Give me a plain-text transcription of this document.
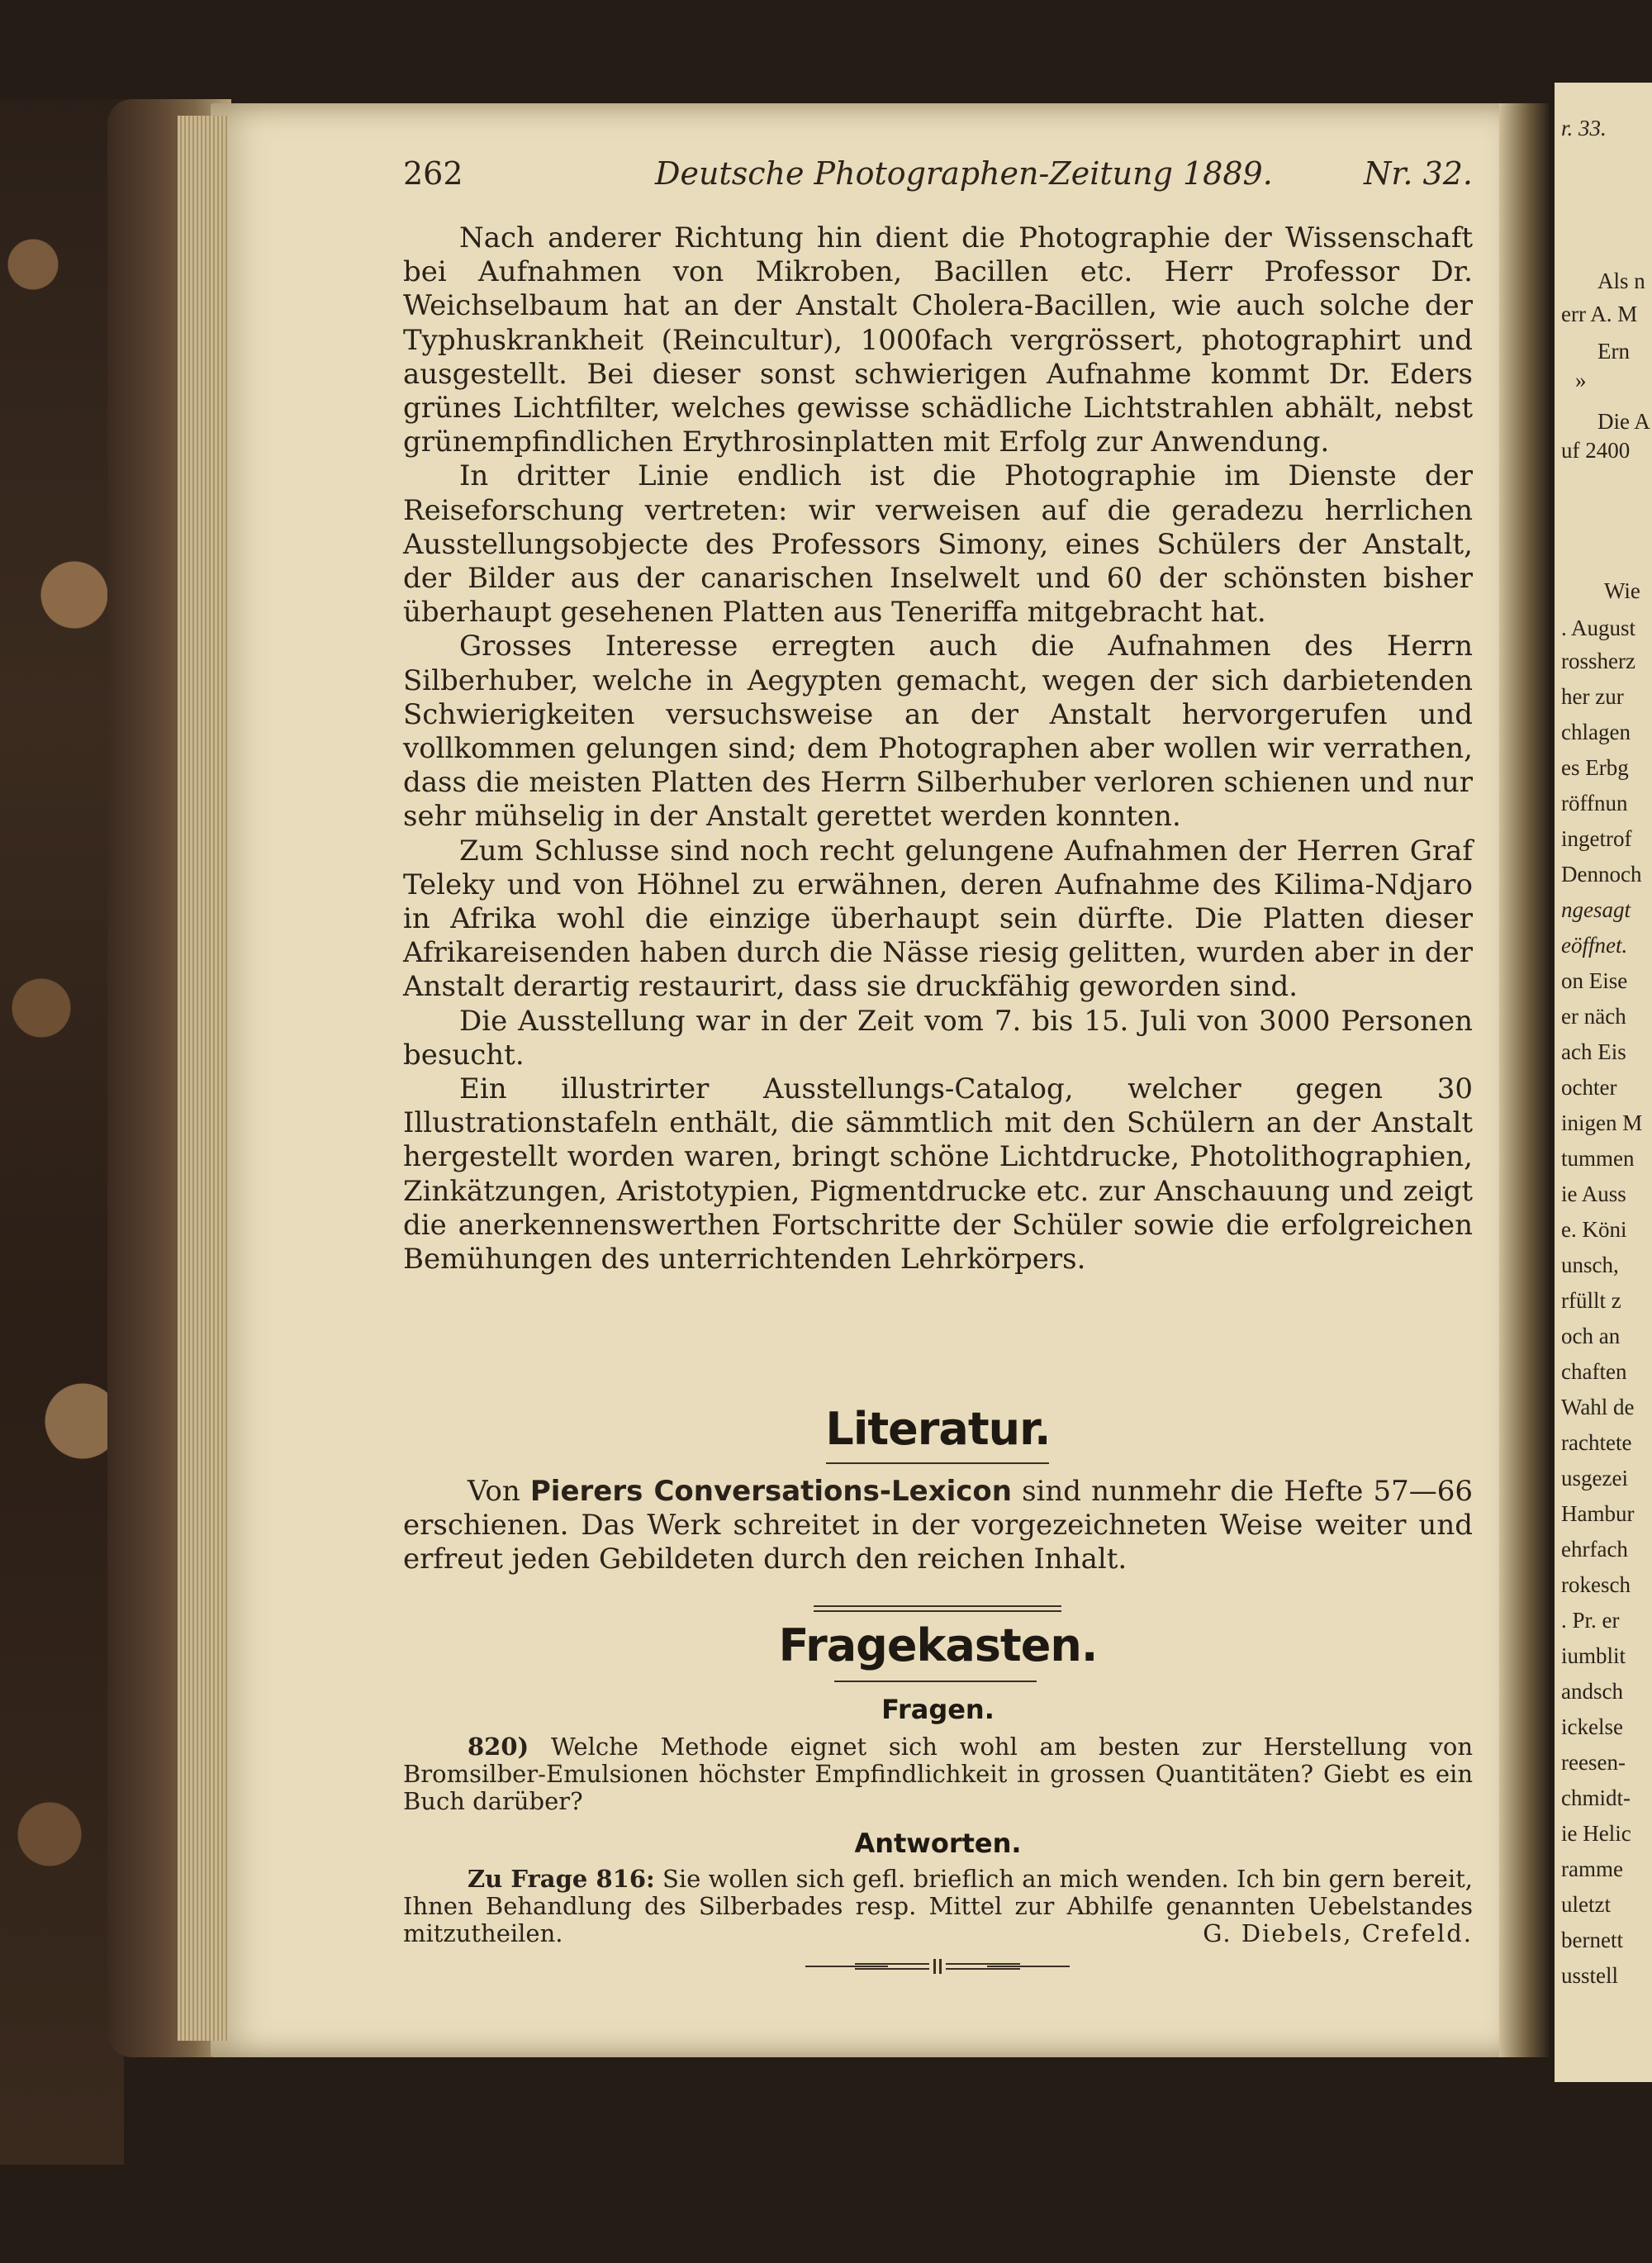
r. 33.
Als n
err A. M
Ern
»
Die A
uf 2400
Wie
. August
rossherz
her zur
chlagen
es Erbg
röffnun
ingetrof
Dennoch
ngesagt
eöffnet.
on Eise
er näch
ach Eis
ochter
inigen M
tummen
ie Auss
e. Köni
unsch,
rfüllt z
och an
chaften
Wahl de
rachtete
usgezei
Hambur
ehrfach
rokesch
. Pr. er
iumblit
andsch
ickelse
reesen-
chmidt-
ie Helic
ramme
uletzt
bernett
usstell
262	Deutsche Photographen-Zeitung 1889.	Nr. 32.

Nach anderer Richtung hin dient die Photographie der Wissenschaft bei Aufnahmen von Mikroben, Bacillen etc. Herr Professor Dr. Weichselbaum hat an der Anstalt Cholera-Bacillen, wie auch solche der Typhuskrankheit (Reincultur), 1000fach vergrössert, photographirt und ausgestellt. Bei dieser sonst schwierigen Aufnahme kommt Dr. Eders grünes Lichtfilter, welches gewisse schädliche Lichtstrahlen abhält, nebst grünempfindlichen Erythrosinplatten mit Erfolg zur Anwendung.

In dritter Linie endlich ist die Photographie im Dienste der Reiseforschung vertreten: wir verweisen auf die geradezu herrlichen Ausstellungsobjecte des Professors Simony, eines Schülers der Anstalt, der Bilder aus der canarischen Inselwelt und 60 der schönsten bisher überhaupt gesehenen Platten aus Teneriffa mitgebracht hat.

Grosses Interesse erregten auch die Aufnahmen des Herrn Silberhuber, welche in Aegypten gemacht, wegen der sich darbietenden Schwierigkeiten versuchsweise an der Anstalt hervorgerufen und vollkommen gelungen sind; dem Photographen aber wollen wir verrathen, dass die meisten Platten des Herrn Silberhuber verloren schienen und nur sehr mühselig in der Anstalt gerettet werden konnten.

Zum Schlusse sind noch recht gelungene Aufnahmen der Herren Graf Teleky und von Höhnel zu erwähnen, deren Aufnahme des Kilima-Ndjaro in Afrika wohl die einzige überhaupt sein dürfte. Die Platten dieser Afrikareisenden haben durch die Nässe riesig gelitten, wurden aber in der Anstalt derartig restaurirt, dass sie druckfähig geworden sind.

Die Ausstellung war in der Zeit vom 7. bis 15. Juli von 3000 Personen besucht.

Ein illustrirter Ausstellungs-Catalog, welcher gegen 30 Illustrationstafeln enthält, die sämmtlich mit den Schülern an der Anstalt hergestellt worden waren, bringt schöne Lichtdrucke, Photolithographien, Zinkätzungen, Aristotypien, Pigmentdrucke etc. zur Anschauung und zeigt die anerkennenswerthen Fortschritte der Schüler sowie die erfolgreichen Bemühungen des unterrichtenden Lehrkörpers.

Literatur.

Von Pierers Conversations-Lexicon sind nunmehr die Hefte 57—66 erschienen. Das Werk schreitet in der vorgezeichneten Weise weiter und erfreut jeden Gebildeten durch den reichen Inhalt.

Fragekasten.
Fragen.

820) Welche Methode eignet sich wohl am besten zur Herstellung von Bromsilber-Emulsionen höchster Empfindlichkeit in grossen Quantitäten? Giebt es ein Buch darüber?

Antworten.

Zu Frage 816: Sie wollen sich gefl. brieflich an mich wenden. Ich bin gern bereit, Ihnen Behandlung des Silberbades resp. Mittel zur Abhilfe genannten Uebelstandes mitzutheilen.	G. Diebels, Crefeld.
